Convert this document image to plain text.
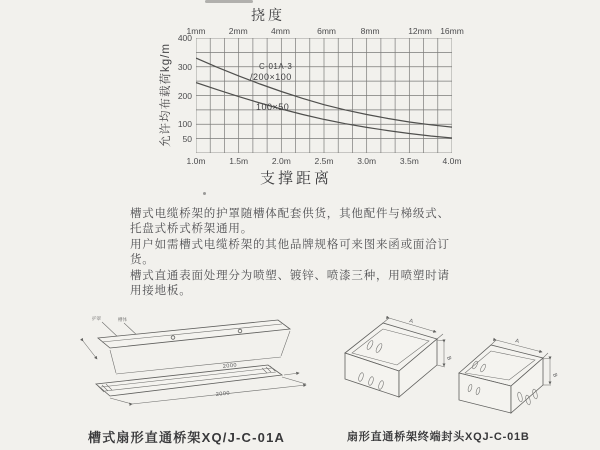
挠度
允许均布载荷kg/m
1mm	2mm	4mm	6mm	8mm	12mm 16mm
400
300
200
100
50
1.0m	1.5m	2.0m	2.5m	3.0m	3.5m	4.0m
支撑距离
C-01A-3
/200×100
100×50
槽式电缆桥架的护罩随槽体配套供货，其他配件与梯级式、
托盘式桥式桥架通用。
用户如需槽式电缆桥架的其他品牌规格可来图来函或面洽订
货。
槽式直通表面处理分为喷塑、镀锌、喷漆三种，用喷塑时请
用接地板。
护罩	槽体
2000
2000
槽式扇形直通桥架XQ/J-C-01A
A
B
A
B
扇形直通桥架终端封头XQJ-C-01B
